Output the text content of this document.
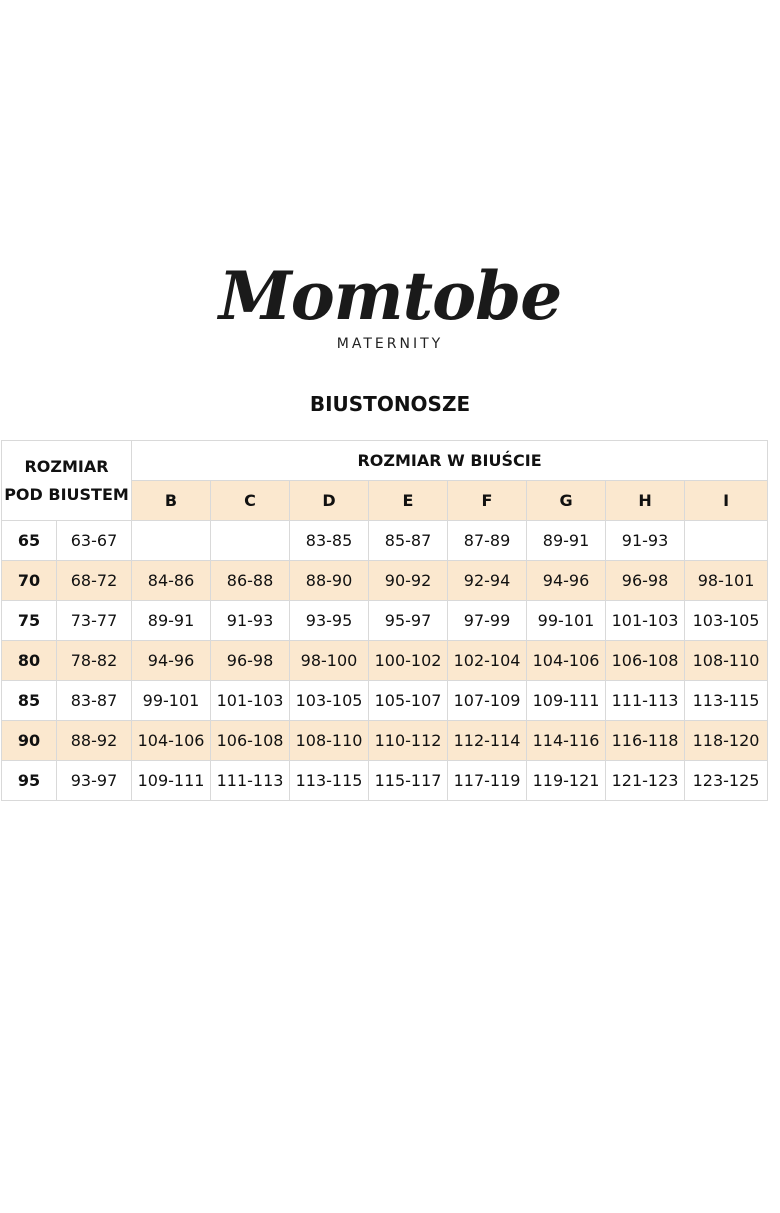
Momtobe
MATERNITY
BIUSTONOSZE
ROZMIAR
POD BIUSTEM		ROZMIAR W BIUŚCIE							
		B	C	D	E	F	G	H	I
65	63-67			83-85	85-87	87-89	89-91	91-93	
70	68-72	84-86	86-88	88-90	90-92	92-94	94-96	96-98	98-101
75	73-77	89-91	91-93	93-95	95-97	97-99	99-101	101-103	103-105
80	78-82	94-96	96-98	98-100	100-102	102-104	104-106	106-108	108-110
85	83-87	99-101	101-103	103-105	105-107	107-109	109-111	111-113	113-115
90	88-92	104-106	106-108	108-110	110-112	112-114	114-116	116-118	118-120
95	93-97	109-111	111-113	113-115	115-117	117-119	119-121	121-123	123-125
